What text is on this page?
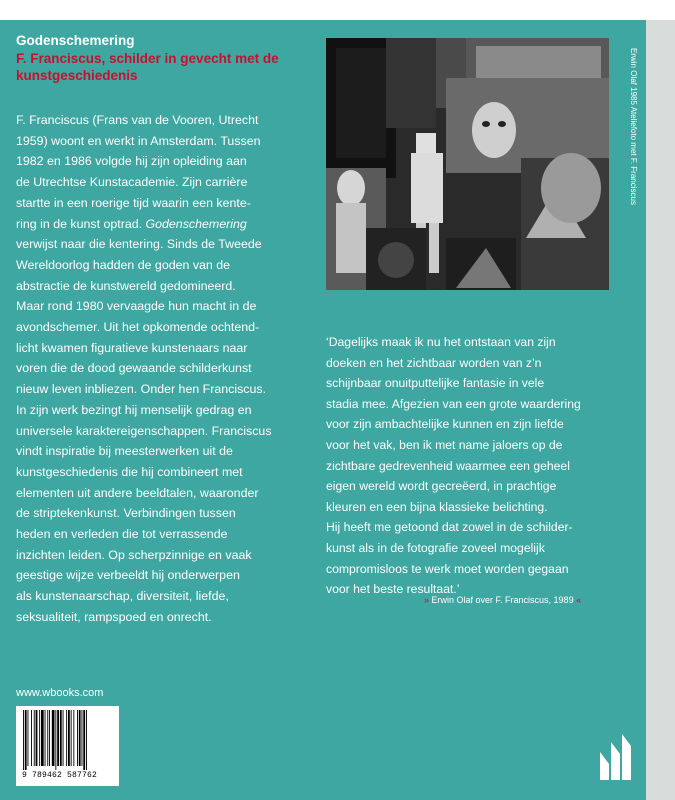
Godenschemering
F. Franciscus, schilder in gevecht met de kunstgeschiedenis
F. Franciscus (Frans van de Vooren, Utrecht
1959) woont en werkt in Amsterdam. Tussen
1982 en 1986 volgde hij zijn opleiding aan
de Utrechtse Kunstacademie. Zijn carrière
startte in een roerige tijd waarin een kente-
ring in de kunst optrad. Godenschemering
verwijst naar die kentering. Sinds de Tweede
Wereldoorlog hadden de goden van de
abstractie de kunstwereld gedomineerd.
Maar rond 1980 vervaagde hun macht in de
avondschemer. Uit het opkomende ochtend-
licht kwamen figuratieve kunstenaars naar
voren die de dood gewaande schilderkunst
nieuw leven inbliezen. Onder hen Franciscus.
In zijn werk bezingt hij menselijk gedrag en
universele karaktereigenschappen. Franciscus
vindt inspiratie bij meesterwerken uit de
kunstgeschiedenis die hij combineert met
elementen uit andere beeldtalen, waaronder
de striptekenkunst. Verbindingen tussen
heden en verleden die tot verrassende
inzichten leiden. Op scherpzinnige en vaak
geestige wijze verbeeldt hij onderwerpen
als kunstenaarschap, diversiteit, liefde,
seksualiteit, rampspoed en onrecht.
Erwin Olaf 1985 Ateliefoto met F. Franciscus
‘Dagelijks maak ik nu het ontstaan van zijn
doeken en het zichtbaar worden van z’n
schijnbaar onuitputtelijke fantasie in vele
stadia mee. Afgezien van een grote waardering
voor zijn ambachtelijke kunnen en zijn liefde
voor het vak, ben ik met name jaloers op de
zichtbare gedrevenheid waarmee een geheel
eigen wereld wordt gecreëerd, in prachtige
kleuren en een bijna klassieke belichting.
Hij heeft me getoond dat zowel in de schilder-
kunst als in de fotografie zoveel mogelijk
compromisloos te werk moet worden gegaan
voor het beste resultaat.’
» Erwin Olaf over F. Franciscus, 1989 «
www.wbooks.com
9 789462 587762
